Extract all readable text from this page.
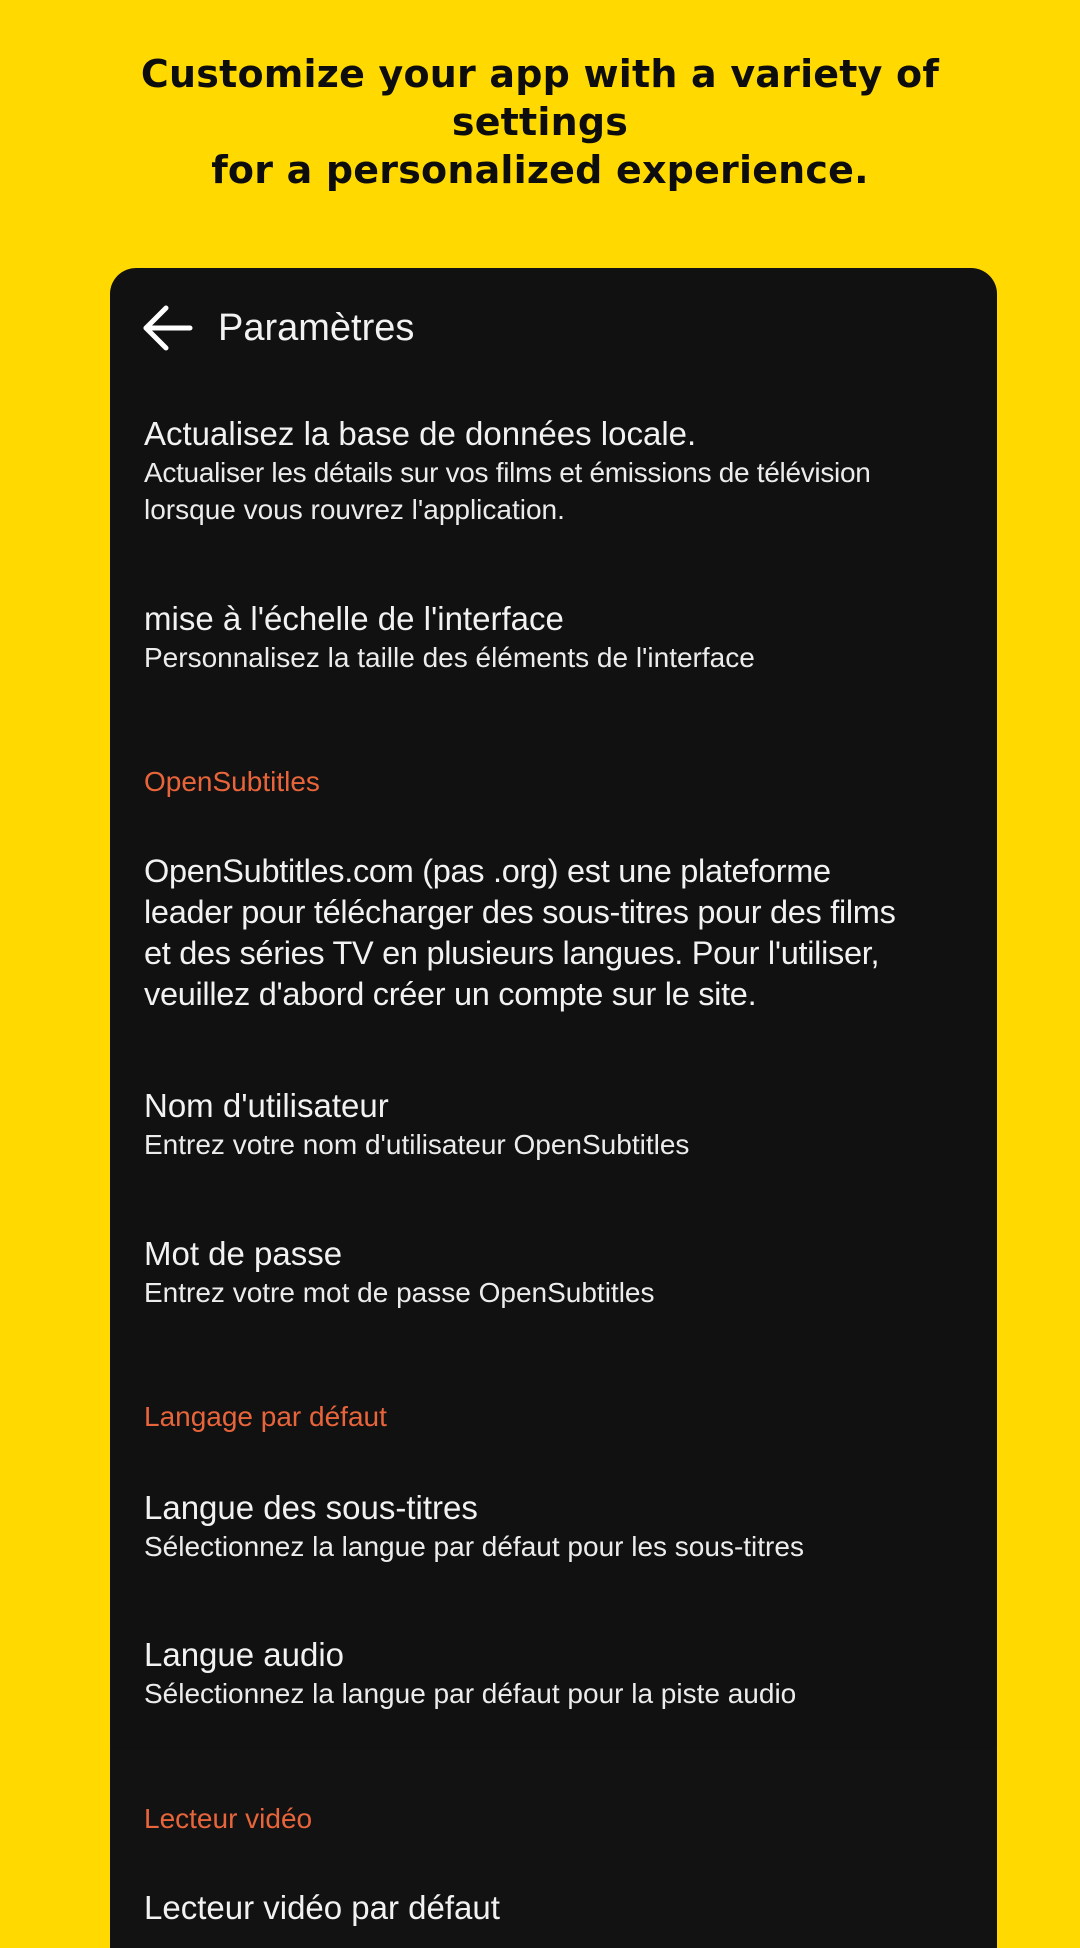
Customize your app with a variety of settings
for a personalized experience.
Paramètres
Actualisez la base de données locale.
Actualiser les détails sur vos films et émissions de télévision
lorsque vous rouvrez l'application.
mise à l'échelle de l'interface
Personnalisez la taille des éléments de l'interface
OpenSubtitles
OpenSubtitles.com (pas .org) est une plateforme
leader pour télécharger des sous-titres pour des films
et des séries TV en plusieurs langues. Pour l'utiliser,
veuillez d'abord créer un compte sur le site.
Nom d'utilisateur
Entrez votre nom d'utilisateur OpenSubtitles
Mot de passe
Entrez votre mot de passe OpenSubtitles
Langage par défaut
Langue des sous-titres
Sélectionnez la langue par défaut pour les sous-titres
Langue audio
Sélectionnez la langue par défaut pour la piste audio
Lecteur vidéo
Lecteur vidéo par défaut
